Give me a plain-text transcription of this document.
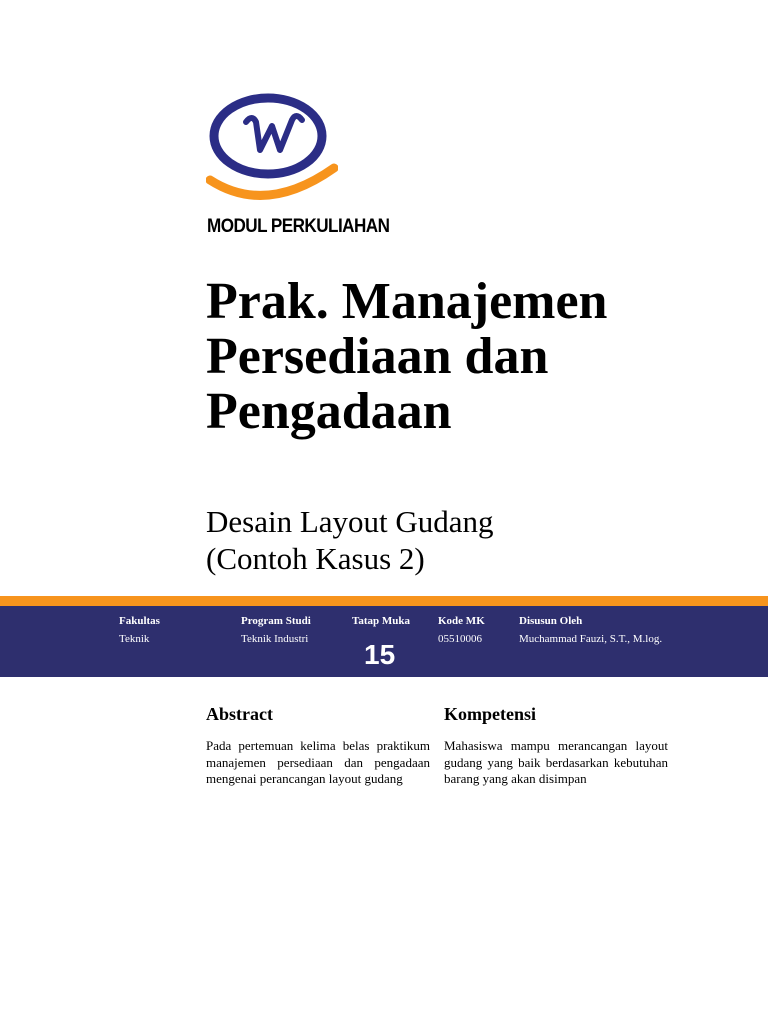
MODUL PERKULIAHAN
Prak. Manajemen
Persediaan dan
Pengadaan
Desain Layout Gudang
(Contoh Kasus 2)
Fakultas
Teknik
Program Studi
Teknik Industri
Tatap Muka
15
Kode MK
05510006
Disusun Oleh
Muchammad Fauzi, S.T., M.log.
Abstract

Pada pertemuan kelima belas praktikum manajemen persediaan dan pengadaan mengenai perancangan layout gudang

Kompetensi

Mahasiswa mampu merancangan layout gudang yang baik berdasarkan kebutuhan barang yang akan disimpan
